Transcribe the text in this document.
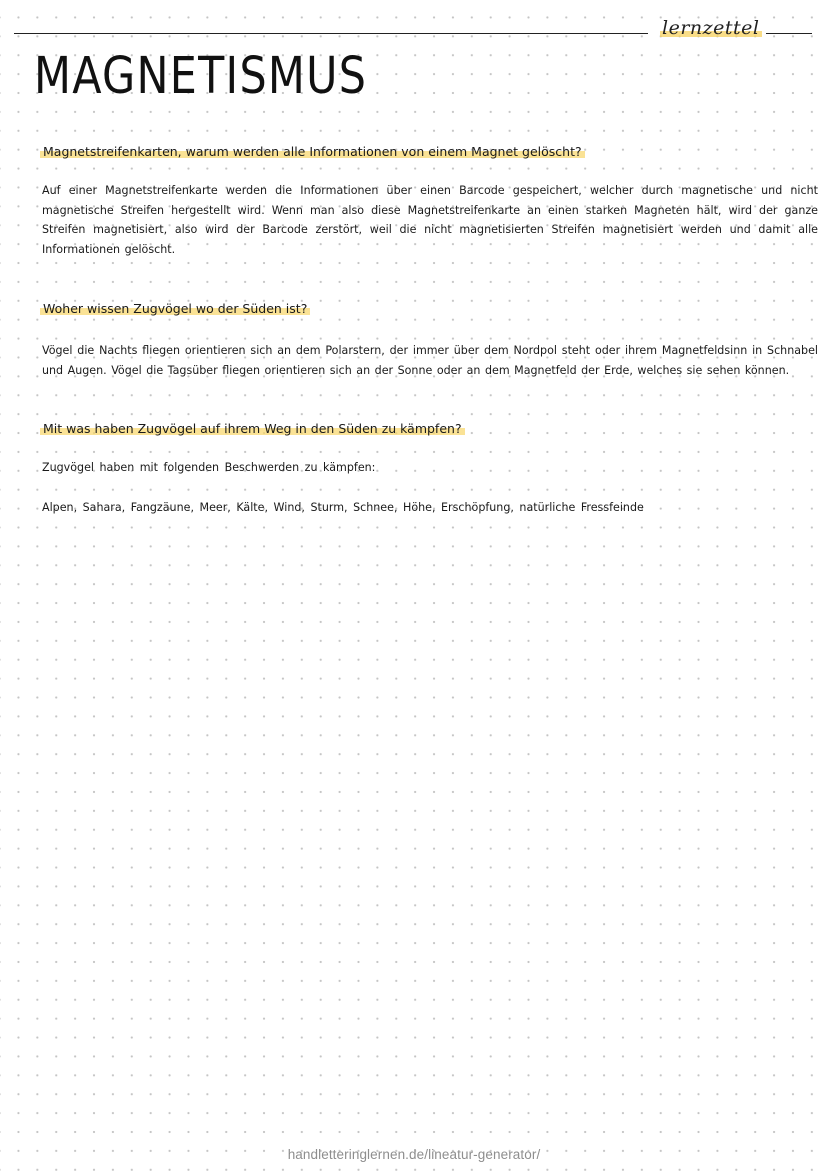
lernzettel
MAGNETISMUS
Magnetstreifenkarten, warum werden alle Informationen von einem Magnet gelöscht?

Auf einer Magnetstreifenkarte werden die Informationen über einen Barcode gespeichert, welcher durch magnetische und nicht magnetische Streifen hergestellt wird. Wenn man also diese Magnetstreifenkarte an einen starken Magneten hält, wird der ganze Streifen magnetisiert, also wird der Barcode zerstört, weil die nicht magnetisierten Streifen magnetisiert werden und damit alle Informationen gelöscht.

Woher wissen Zugvögel wo der Süden ist?

Vögel die Nachts fliegen orientieren sich an dem Polarstern, der immer über dem Nordpol steht oder ihrem Magnetfeldsinn in Schnabel und Augen. Vögel die Tagsüber fliegen orientieren sich an der Sonne oder an dem Magnetfeld der Erde, welches sie sehen können.

Mit was haben Zugvögel auf ihrem Weg in den Süden zu kämpfen?
Zugvögel haben mit folgenden Beschwerden zu kämpfen:
Alpen, Sahara, Fangzäune, Meer, Kälte, Wind, Sturm, Schnee, Höhe, Erschöpfung, natürliche Fressfeinde
handletteringlernen.de/lineatur-generator/
